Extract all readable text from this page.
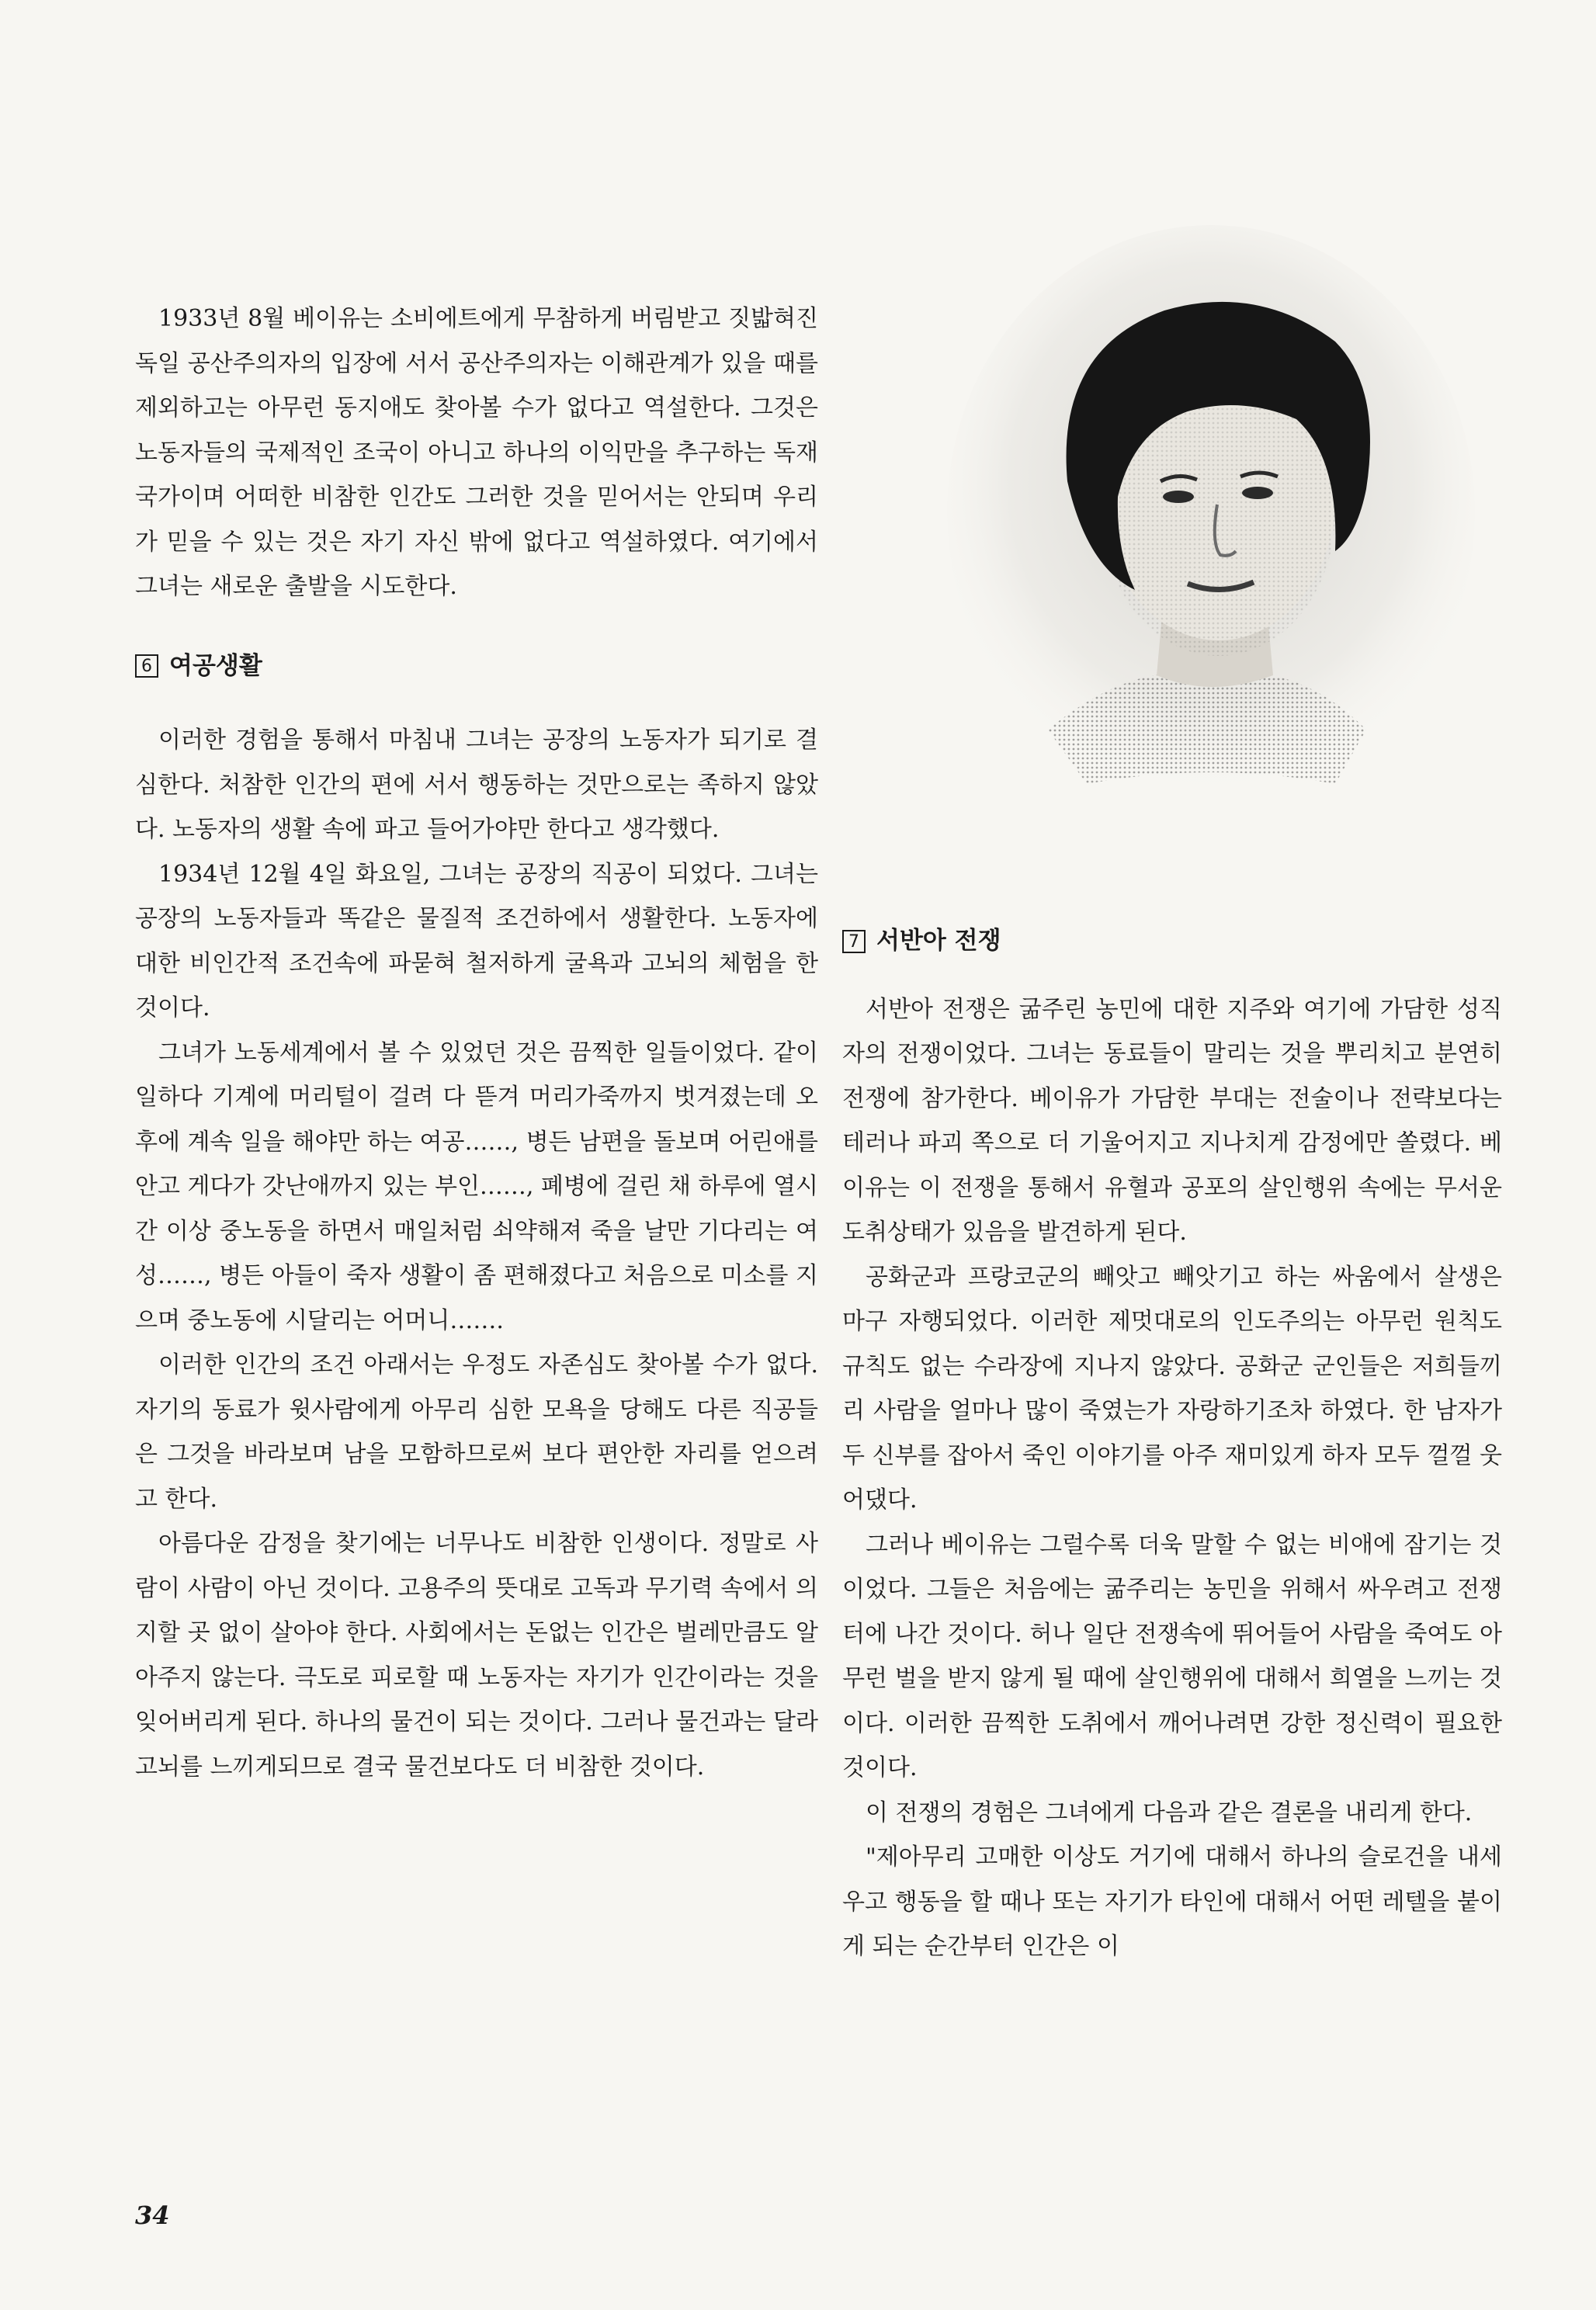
1933년 8월 베이유는 소비에트에게 무참하게 버림받고 짓밟혀진 독일 공산주의자의 입장에 서서 공산주의자는 이해관계가 있을 때를 제외하고는 아무런 동지애도 찾아볼 수가 없다고 역설한다. 그것은 노동자들의 국제적인 조국이 아니고 하나의 이익만을 추구하는 독재국가이며 어떠한 비참한 인간도 그러한 것을 믿어서는 안되며 우리가 믿을 수 있는 것은 자기 자신 밖에 없다고 역설하였다. 여기에서 그녀는 새로운 출발을 시도한다.

6 여공생활

이러한 경험을 통해서 마침내 그녀는 공장의 노동자가 되기로 결심한다. 처참한 인간의 편에 서서 행동하는 것만으로는 족하지 않았다. 노동자의 생활 속에 파고 들어가야만 한다고 생각했다.

1934년 12월 4일 화요일, 그녀는 공장의 직공이 되었다. 그녀는 공장의 노동자들과 똑같은 물질적 조건하에서 생활한다. 노동자에 대한 비인간적 조건속에 파묻혀 철저하게 굴욕과 고뇌의 체험을 한 것이다.

그녀가 노동세계에서 볼 수 있었던 것은 끔찍한 일들이었다. 같이 일하다 기계에 머리털이 걸려 다 뜯겨 머리가죽까지 벗겨졌는데 오후에 계속 일을 해야만 하는 여공……, 병든 남편을 돌보며 어린애를 안고 게다가 갓난애까지 있는 부인……, 폐병에 걸린 채 하루에 열시간 이상 중노동을 하면서 매일처럼 쇠약해져 죽을 날만 기다리는 여성……, 병든 아들이 죽자 생활이 좀 편해졌다고 처음으로 미소를 지으며 중노동에 시달리는 어머니…….

이러한 인간의 조건 아래서는 우정도 자존심도 찾아볼 수가 없다. 자기의 동료가 윗사람에게 아무리 심한 모욕을 당해도 다른 직공들은 그것을 바라보며 남을 모함하므로써 보다 편안한 자리를 얻으려고 한다.

아름다운 감정을 찾기에는 너무나도 비참한 인생이다. 정말로 사람이 사람이 아닌 것이다. 고용주의 뜻대로 고독과 무기력 속에서 의지할 곳 없이 살아야 한다. 사회에서는 돈없는 인간은 벌레만큼도 알아주지 않는다. 극도로 피로할 때 노동자는 자기가 인간이라는 것을 잊어버리게 된다. 하나의 물건이 되는 것이다. 그러나 물건과는 달라 고뇌를 느끼게되므로 결국 물건보다도 더 비참한 것이다.

7 서반아 전쟁

서반아 전쟁은 굶주린 농민에 대한 지주와 여기에 가담한 성직자의 전쟁이었다. 그녀는 동료들이 말리는 것을 뿌리치고 분연히 전쟁에 참가한다. 베이유가 가담한 부대는 전술이나 전략보다는 테러나 파괴 쪽으로 더 기울어지고 지나치게 감정에만 쏠렸다. 베이유는 이 전쟁을 통해서 유혈과 공포의 살인행위 속에는 무서운 도취상태가 있음을 발견하게 된다.

공화군과 프랑코군의 빼앗고 빼앗기고 하는 싸움에서 살생은 마구 자행되었다. 이러한 제멋대로의 인도주의는 아무런 원칙도 규칙도 없는 수라장에 지나지 않았다. 공화군 군인들은 저희들끼리 사람을 얼마나 많이 죽였는가 자랑하기조차 하였다. 한 남자가 두 신부를 잡아서 죽인 이야기를 아주 재미있게 하자 모두 껄껄 웃어댔다.

그러나 베이유는 그럴수록 더욱 말할 수 없는 비애에 잠기는 것이었다. 그들은 처음에는 굶주리는 농민을 위해서 싸우려고 전쟁터에 나간 것이다. 허나 일단 전쟁속에 뛰어들어 사람을 죽여도 아무런 벌을 받지 않게 될 때에 살인행위에 대해서 희열을 느끼는 것이다. 이러한 끔찍한 도취에서 깨어나려면 강한 정신력이 필요한 것이다.

이 전쟁의 경험은 그녀에게 다음과 같은 결론을 내리게 한다.

"제아무리 고매한 이상도 거기에 대해서 하나의 슬로건을 내세우고 행동을 할 때나 또는 자기가 타인에 대해서 어떤 레텔을 붙이게 되는 순간부터 인간은 이

34
